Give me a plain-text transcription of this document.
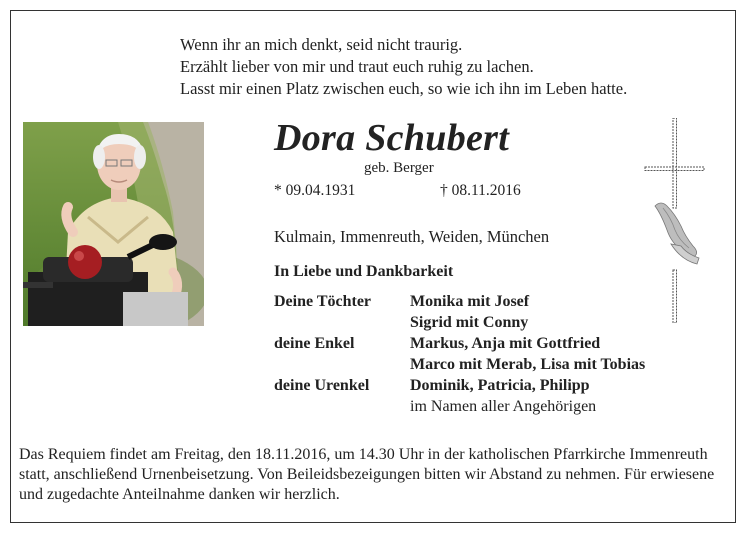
Wenn ihr an mich denkt, seid nicht traurig.
Erzählt lieber von mir und traut euch ruhig zu lachen.
Lasst mir einen Platz zwischen euch, so wie ich ihn im Leben hatte.
Dora Schubert
geb. Berger
* 09.04.1931	† 08.11.2016
Kulmain, Immenreuth, Weiden, München
In Liebe und Dankbarkeit
Deine Töchter	Monika mit Josef
Sigrid mit Conny
deine Enkel	Markus, Anja mit Gottfried
Marco mit Merab, Lisa mit Tobias
deine Urenkel	Dominik, Patricia, Philipp
im Namen aller Angehörigen
Das Requiem findet am Freitag, den 18.11.2016, um 14.30 Uhr in der katholischen Pfarrkirche Immenreuth statt, anschließend Urnenbeisetzung. Von Beileidsbezeigungen bitten wir Abstand zu nehmen. Für erwiesene und zugedachte Anteilnahme danken wir herzlich.
